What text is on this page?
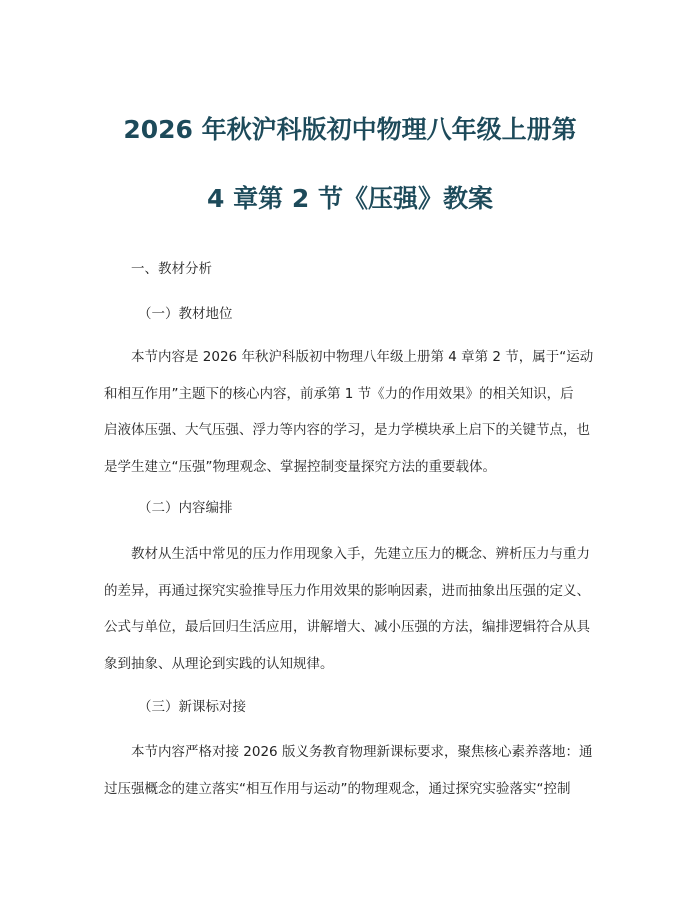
2026 年秋沪科版初中物理八年级上册第
4 章第 2 节《压强》教案
一、教材分析
（一）教材地位
本节内容是 2026 年秋沪科版初中物理八年级上册第 4 章第 2 节，属于“运动
和相互作用”主题下的核心内容，前承第 1 节《力的作用效果》的相关知识，后
启液体压强、大气压强、浮力等内容的学习，是力学模块承上启下的关键节点，也
是学生建立“压强”物理观念、掌握控制变量探究方法的重要载体。
（二）内容编排
教材从生活中常见的压力作用现象入手，先建立压力的概念、辨析压力与重力
的差异，再通过探究实验推导压力作用效果的影响因素，进而抽象出压强的定义、
公式与单位，最后回归生活应用，讲解增大、减小压强的方法，编排逻辑符合从具
象到抽象、从理论到实践的认知规律。
（三）新课标对接
本节内容严格对接 2026 版义务教育物理新课标要求，聚焦核心素养落地：通
过压强概念的建立落实“相互作用与运动”的物理观念，通过探究实验落实“控制
